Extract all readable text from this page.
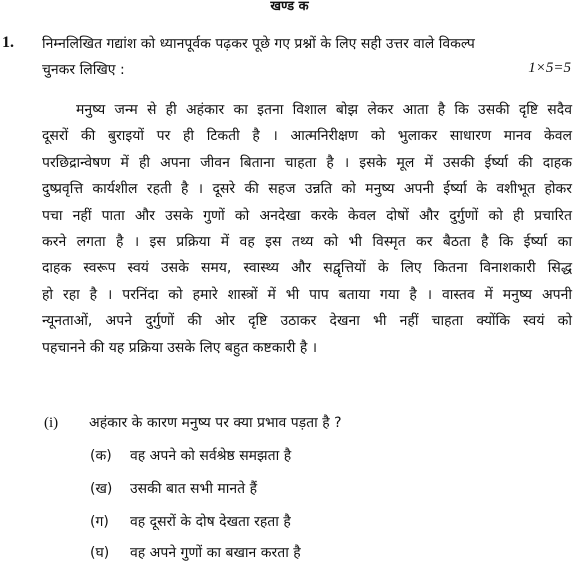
खण्ड क
1. निम्नलिखित गद्यांश को ध्यानपूर्वक पढ़कर पूछे गए प्रश्नों के लिए सही उत्तर वाले विकल्प
चुनकर लिखिए :	1×5=5
मनुष्य जन्म से ही अहंकार का इतना विशाल बोझ लेकर आता है कि उसकी दृष्टि सदैव
दूसरों की बुराइयों पर ही टिकती है । आत्मनिरीक्षण को भुलाकर साधारण मानव केवल
परछिद्रान्वेषण में ही अपना जीवन बिताना चाहता है । इसके मूल में उसकी ईर्ष्या की दाहक
दुष्प्रवृत्ति कार्यशील रहती है । दूसरे की सहज उन्नति को मनुष्य अपनी ईर्ष्या के वशीभूत होकर
पचा नहीं पाता और उसके गुणों को अनदेखा करके केवल दोषों और दुर्गुणों को ही प्रचारित
करने लगता है । इस प्रक्रिया में वह इस तथ्य को भी विस्मृत कर बैठता है कि ईर्ष्या का
दाहक स्वरूप स्वयं उसके समय, स्वास्थ्य और सद्वृत्तियों के लिए कितना विनाशकारी सिद्ध
हो रहा है । परनिंदा को हमारे शास्त्रों में भी पाप बताया गया है । वास्तव में मनुष्य अपनी
न्यूनताओं, अपने दुर्गुणों की ओर दृष्टि उठाकर देखना भी नहीं चाहता क्योंकि स्वयं को
पहचानने की यह प्रक्रिया उसके लिए बहुत कष्टकारी है ।
(i) अहंकार के कारण मनुष्य पर क्या प्रभाव पड़ता है ?
(क) वह अपने को सर्वश्रेष्ठ समझता है
(ख) उसकी बात सभी मानते हैं
(ग) वह दूसरों के दोष देखता रहता है
(घ) वह अपने गुणों का बखान करता है
